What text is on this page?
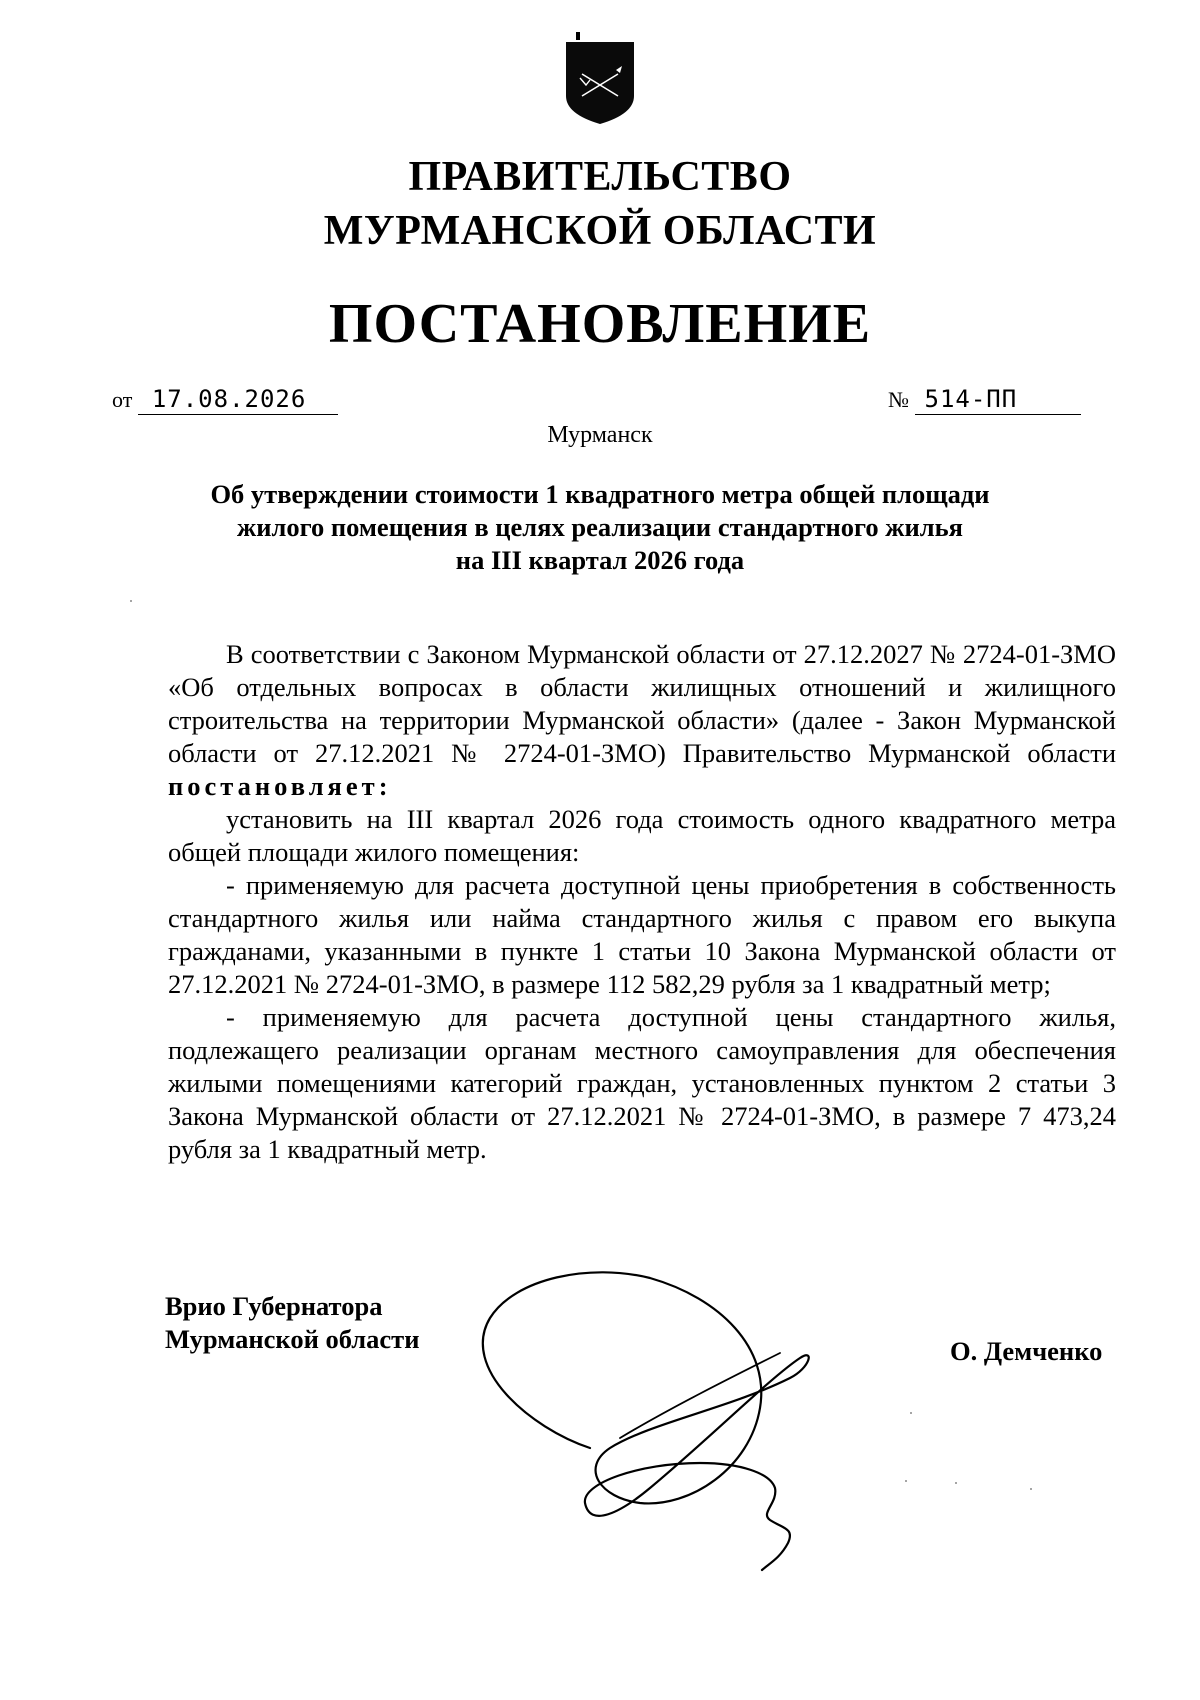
ПРАВИТЕЛЬСТВО
МУРМАНСКОЙ ОБЛАСТИ
ПОСТАНОВЛЕНИЕ
от 17.08.2026	№ 514-ПП
Мурманск
Об утверждении стоимости 1 квадратного метра общей площади
жилого помещения в целях реализации стандартного жилья
на III квартал 2026 года

В соответствии с Законом Мурманской области от 27.12.2027 № 2724-01-ЗМО «Об отдельных вопросах в области жилищных отношений и жилищного строительства на территории Мурманской области» (далее - Закон Мурманской области от 27.12.2021 № 2724-01-ЗМО) Правительство Мурманской области постановляет:

установить на III квартал 2026 года стоимость одного квадратного метра общей площади жилого помещения:

- применяемую для расчета доступной цены приобретения в собственность стандартного жилья или найма стандартного жилья с правом его выкупа гражданами, указанными в пункте 1 статьи 10 Закона Мурманской области от 27.12.2021 № 2724-01-ЗМО, в размере 112 582,29 рубля за 1 квадратный метр;

- применяемую для расчета доступной цены стандартного жилья, подлежащего реализации органам местного самоуправления для обеспечения жилыми помещениями категорий граждан, установленных пунктом 2 статьи 3 Закона Мурманской области от 27.12.2021 № 2724-01-ЗМО, в размере 7 473,24 рубля за 1 квадратный метр.

Врио Губернатора
Мурманской области	О. Демченко
